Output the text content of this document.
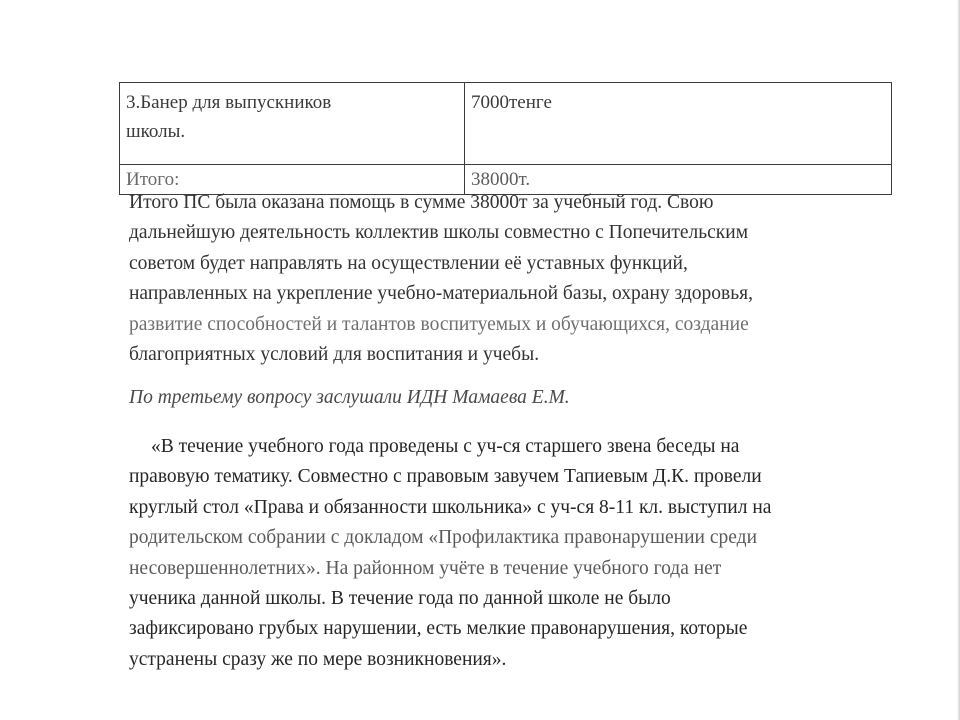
3.Банер для выпускников
школы.	7000тенге
Итого:	38000т.

Итого ПС была оказана помощь в сумме 38000т за учебный год. Свою
дальнейшую деятельность коллектив школы совместно с Попечительским
советом будет направлять на осуществлении её уставных функций,
направленных на укрепление учебно-материальной базы, охрану здоровья,
развитие способностей и талантов воспитуемых и обучающихся, создание
благоприятных условий для воспитания и учебы.

По третьему вопросу заслушали ИДН Мамаева Е.М.

«В течение учебного года проведены с уч-ся старшего звена беседы на
правовую тематику. Совместно с правовым завучем Тапиевым Д.К. провели
круглый стол «Права и обязанности школьника» с уч-ся 8-11 кл. выступил на
родительском собрании с докладом «Профилактика правонарушении среди
несовершеннолетних». На районном учёте в течение учебного года нет
ученика данной школы. В течение года по данной школе не было
зафиксировано грубых нарушении, есть мелкие правонарушения, которые
устранены сразу же по мере возникновения».
